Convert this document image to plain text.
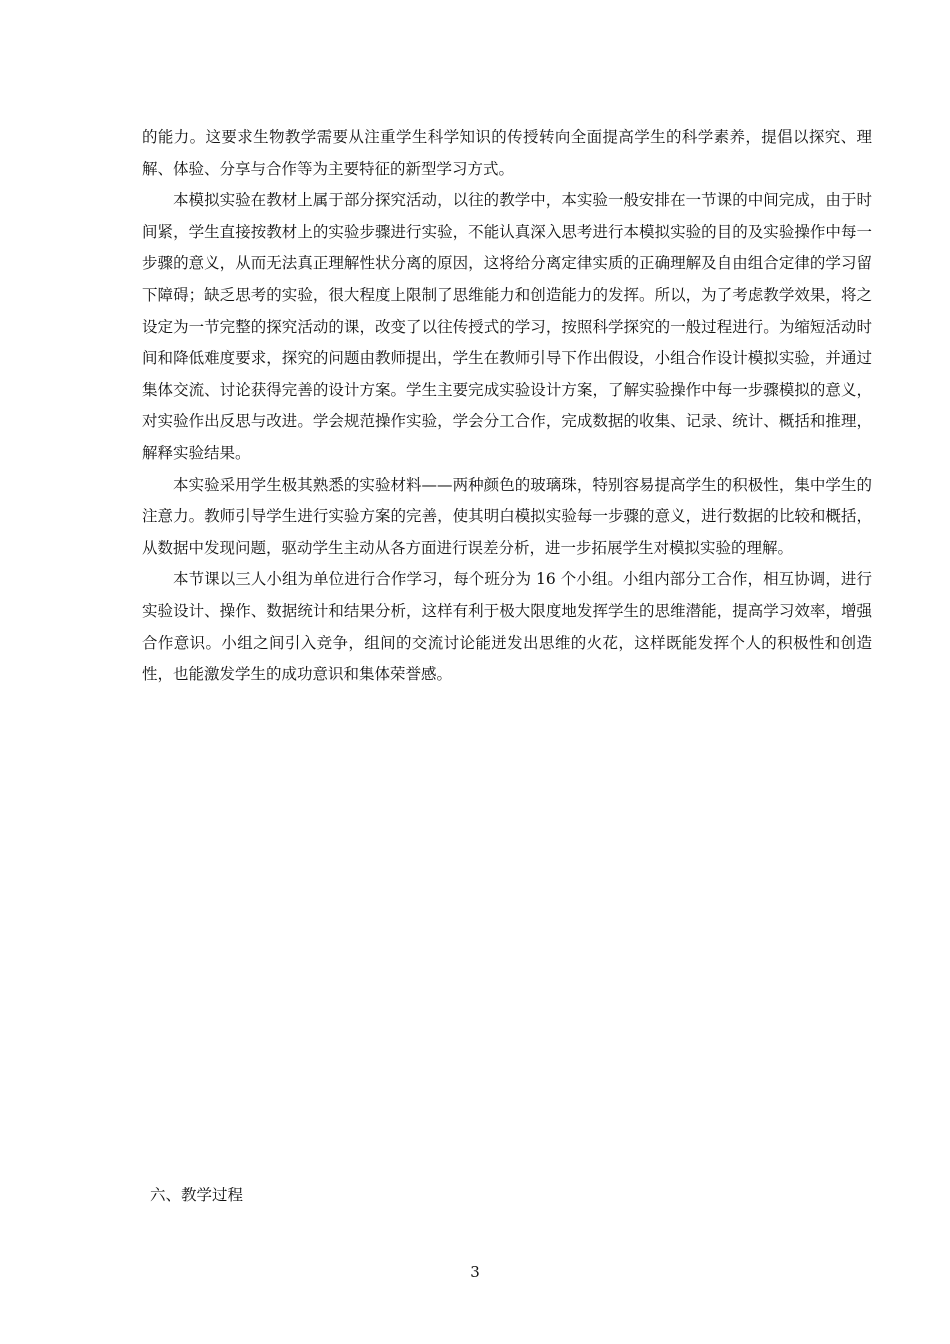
的能力。这要求生物教学需要从注重学生科学知识的传授转向全面提高学生的科学素养，提倡以探究、理解、体验、分享与合作等为主要特征的新型学习方式。

本模拟实验在教材上属于部分探究活动，以往的教学中，本实验一般安排在一节课的中间完成，由于时间紧，学生直接按教材上的实验步骤进行实验，不能认真深入思考进行本模拟实验的目的及实验操作中每一步骤的意义，从而无法真正理解性状分离的原因，这将给分离定律实质的正确理解及自由组合定律的学习留下障碍；缺乏思考的实验，很大程度上限制了思维能力和创造能力的发挥。所以，为了考虑教学效果，将之设定为一节完整的探究活动的课，改变了以往传授式的学习，按照科学探究的一般过程进行。为缩短活动时间和降低难度要求，探究的问题由教师提出，学生在教师引导下作出假设，小组合作设计模拟实验，并通过集体交流、讨论获得完善的设计方案。学生主要完成实验设计方案，了解实验操作中每一步骤模拟的意义，对实验作出反思与改进。学会规范操作实验，学会分工合作，完成数据的收集、记录、统计、概括和推理，解释实验结果。

本实验采用学生极其熟悉的实验材料——两种颜色的玻璃珠，特别容易提高学生的积极性，集中学生的注意力。教师引导学生进行实验方案的完善，使其明白模拟实验每一步骤的意义，进行数据的比较和概括，从数据中发现问题，驱动学生主动从各方面进行误差分析，进一步拓展学生对模拟实验的理解。

本节课以三人小组为单位进行合作学习，每个班分为 16 个小组。小组内部分工合作，相互协调，进行实验设计、操作、数据统计和结果分析，这样有利于极大限度地发挥学生的思维潜能，提高学习效率，增强合作意识。小组之间引入竞争，组间的交流讨论能迸发出思维的火花，这样既能发挥个人的积极性和创造性，也能激发学生的成功意识和集体荣誉感。

六、教学过程

3
